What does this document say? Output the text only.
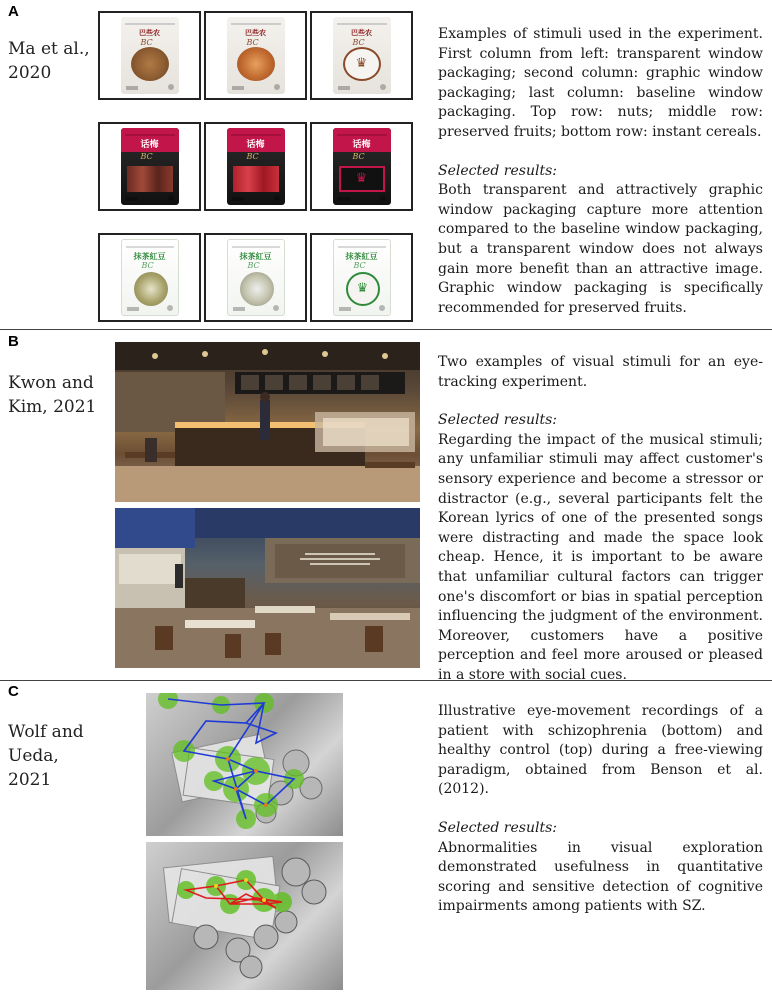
A
Ma et al., 2020
巴些农
BC
巴些农
BC
巴些农
BC
♛
话梅
BC
话梅
BC
话梅
BC
♛
抹茶紅豆
BC
抹茶紅豆
BC
抹茶紅豆
BC
♛

Examples of stimuli used in the experiment. First column from left: transparent window packaging; second column: graphic window packaging; last column: baseline window packaging. Top row: nuts; middle row: preserved fruits; bottom row: instant cereals.

Selected results:

Both transparent and attractively graphic window packaging capture more attention compared to the baseline window packaging, but a transparent window does not always gain more benefit than an attractive image. Graphic window packaging is specifically recommended for preserved fruits.

B
Kwon and Kim, 2021

Two examples of visual stimuli for an eye-tracking experiment.

Selected results:

Regarding the impact of the musical stimuli; any unfamiliar stimuli may affect customer's sensory experience and become a stressor or distractor (e.g., several participants felt the Korean lyrics of one of the presented songs were distracting and made the space look cheap. Hence, it is important to be aware that unfamiliar cultural factors can trigger one's discomfort or bias in spatial perception influencing the judgment of the environment. Moreover, customers have a positive perception and feel more aroused or pleased in a store with social cues.

C
Wolf and Ueda, 2021

Illustrative eye-movement recordings of a patient with schizophrenia (bottom) and healthy control (top) during a free-viewing paradigm, obtained from Benson et al. (2012).

Selected results:

Abnormalities in visual exploration demonstrated usefulness in quantitative scoring and sensitive detection of cognitive impairments among patients with SZ.
